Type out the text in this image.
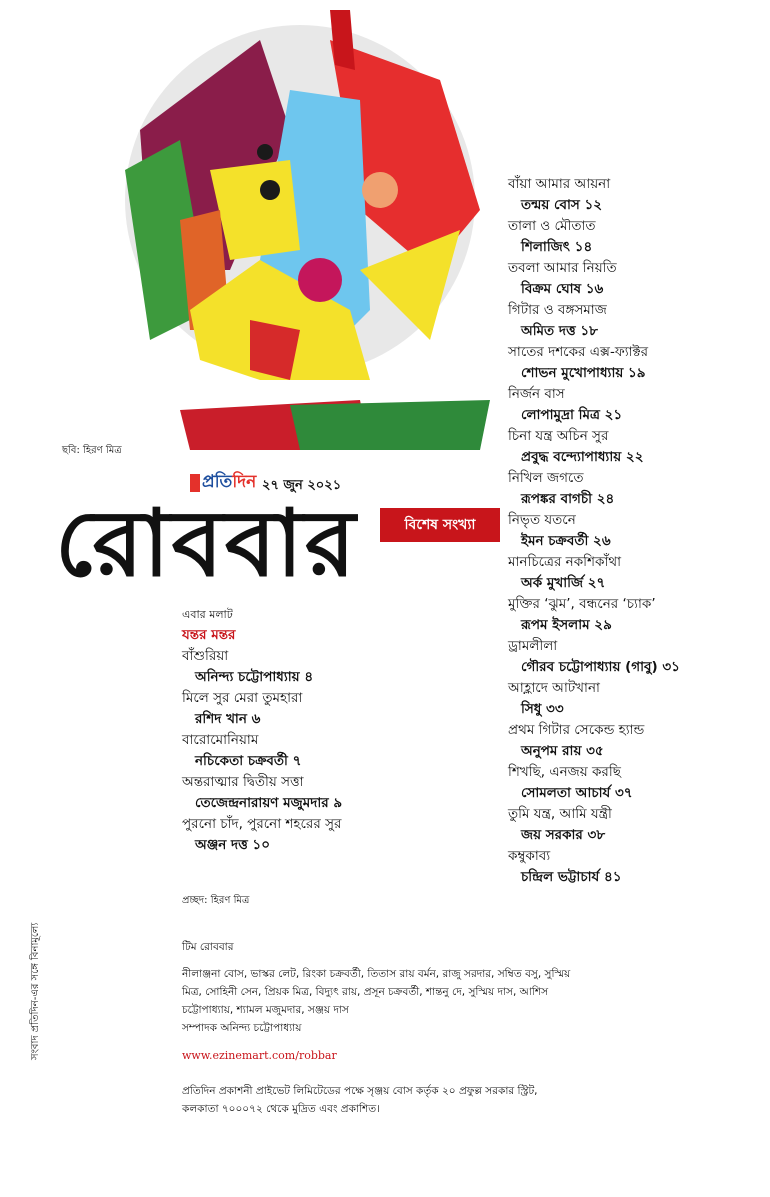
ছবি: হিরণ মিত্র
প্রতি দিন ২৭ জুন ২০২১
রোববার	বিশেষ সংখ্যা
বাঁয়া আমার আয়না
তন্ময় বোস ১২
তালা ও মৌতাত
শিলাজিৎ ১৪
তবলা আমার নিয়তি
বিক্রম ঘোষ ১৬
গিটার ও বঙ্গসমাজ
অমিত দত্ত ১৮
সাতের দশকের এক্স-ফ্যাক্টর
শোভন মুখোপাধ্যায় ১৯
নির্জন বাস
লোপামুদ্রা মিত্র ২১
চিনা যন্ত্র অচিন সুর
প্রবুদ্ধ বন্দ্যোপাধ্যায় ২২
নিখিল জগতে
রূপঙ্কর বাগচী ২৪
নিভৃত যতনে
ইমন চক্রবর্তী ২৬
মানচিত্রের নকশিকাঁথা
অর্ক মুখার্জি ২৭
মুক্তির ‘ঝুম’, বন্ধনের ‘চ্যাক’
রূপম ইসলাম ২৯
ড্রামলীলা
গৌরব চট্টোপাধ্যায় (গাবু) ৩১
আহ্লাদে আটখানা
সিধু ৩৩
প্রথম গিটার সেকেন্ড হ্যান্ড
অনুপম রায় ৩৫
শিখছি, এনজয় করছি
সোমলতা আচার্য ৩৭
তুমি যন্ত্র, আমি যন্ত্রী
জয় সরকার ৩৮
কম্বুকাব্য
চন্দ্রিল ভট্টাচার্য ৪১
এবার মলাট
যন্তর মন্তর
বাঁশুরিয়া
অনিন্দ্য চট্টোপাধ্যায় ৪
মিলে সুর মেরা তুমহারা
রশিদ খান ৬
বারোমোনিয়াম
নচিকেতা চক্রবর্তী ৭
অন্তরাত্মার দ্বিতীয় সত্তা
তেজেন্দ্রনারায়ণ মজুমদার ৯
পুরনো চাঁদ, পুরনো শহরের সুর
অঞ্জন দত্ত ১০
প্রচ্ছদ: হিরণ মিত্র
টিম রোববার
নীলাঞ্জনা বোস, ভাস্কর লেট, রিংকা চক্রবর্তী, তিতাস রায় বর্মন, রাজু সরদার, সম্বিত বসু, সুস্মিয় মিত্র, সোহিনী সেন, প্রিয়ক মিত্র, বিদ্যুৎ রায়, প্রসূন চক্রবর্তী, শান্তনু দে, সুস্মিয় দাস, আশিস চট্টোপাধ্যায়, শ্যামল মজুমদার, সঞ্জয় দাস
সম্পাদক অনিন্দ্য চট্টোপাধ্যায়
www.ezinemart.com/robbar
প্রতিদিন প্রকাশনী প্রাইভেট লিমিটেডের পক্ষে সৃঞ্জয় বোস কর্তৃক ২০ প্রফুল্ল সরকার স্ট্রিট, কলকাতা ৭০০০৭২ থেকে মুদ্রিত এবং প্রকাশিত।
সংবাদ প্রতিদিন-এর সঙ্গে বিনামূল্যে
